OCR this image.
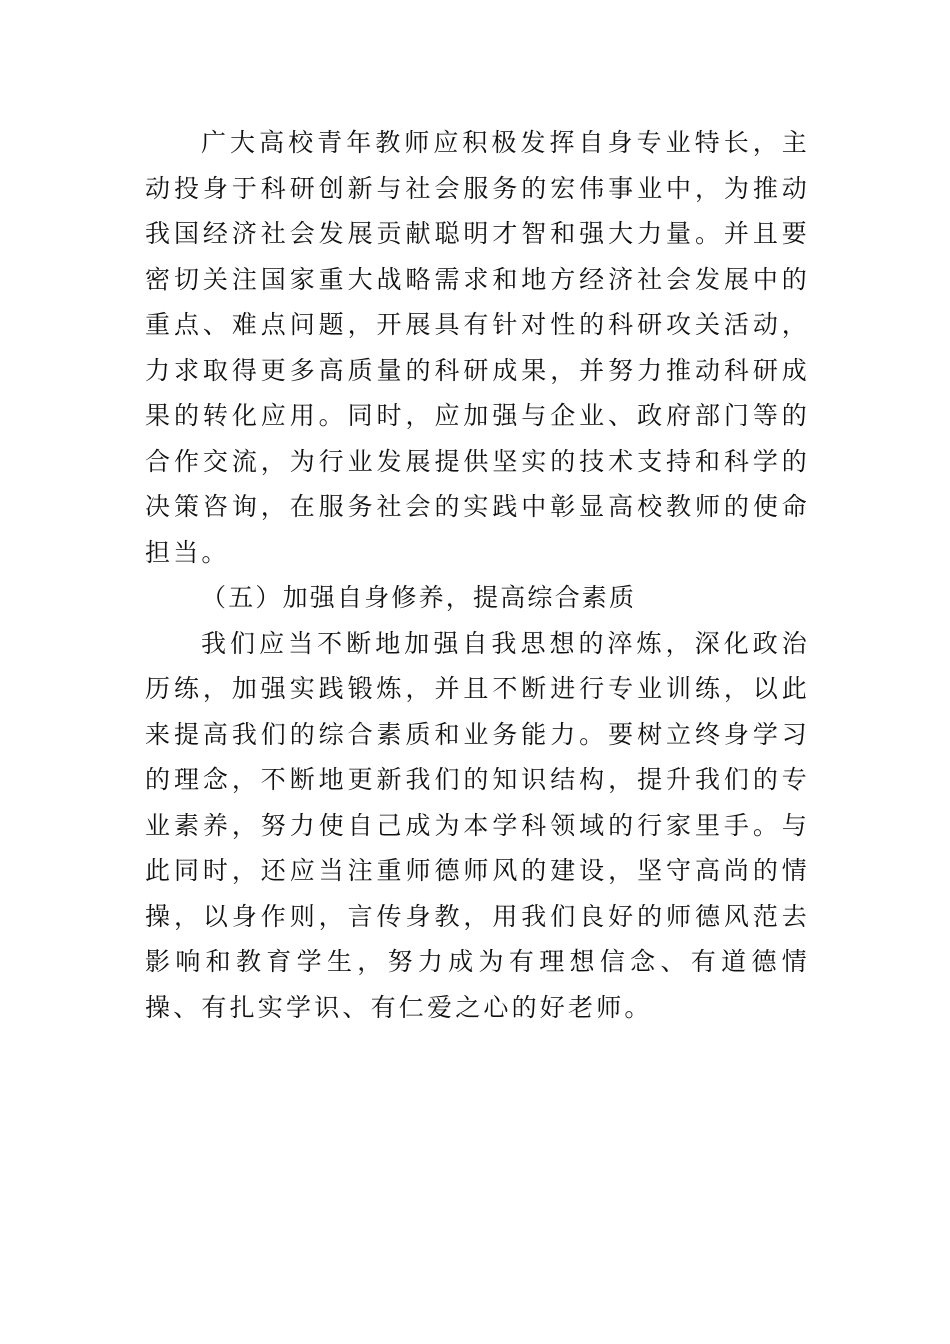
广大高校青年教师应积极发挥自身专业特长，主动投身于科研创新与社会服务的宏伟事业中，为推动我国经济社会发展贡献聪明才智和强大力量。并且要密切关注国家重大战略需求和地方经济社会发展中的重点、难点问题，开展具有针对性的科研攻关活动，力求取得更多高质量的科研成果，并努力推动科研成果的转化应用。同时，应加强与企业、政府部门等的合作交流，为行业发展提供坚实的技术支持和科学的决策咨询，在服务社会的实践中彰显高校教师的使命担当。

（五）加强自身修养，提高综合素质

我们应当不断地加强自我思想的淬炼，深化政治历练，加强实践锻炼，并且不断进行专业训练，以此来提高我们的综合素质和业务能力。要树立终身学习的理念，不断地更新我们的知识结构，提升我们的专业素养，努力使自己成为本学科领域的行家里手。与此同时，还应当注重师德师风的建设，坚守高尚的情操，以身作则，言传身教，用我们良好的师德风范去影响和教育学生，努力成为有理想信念、有道德情操、有扎实学识、有仁爱之心的好老师。
